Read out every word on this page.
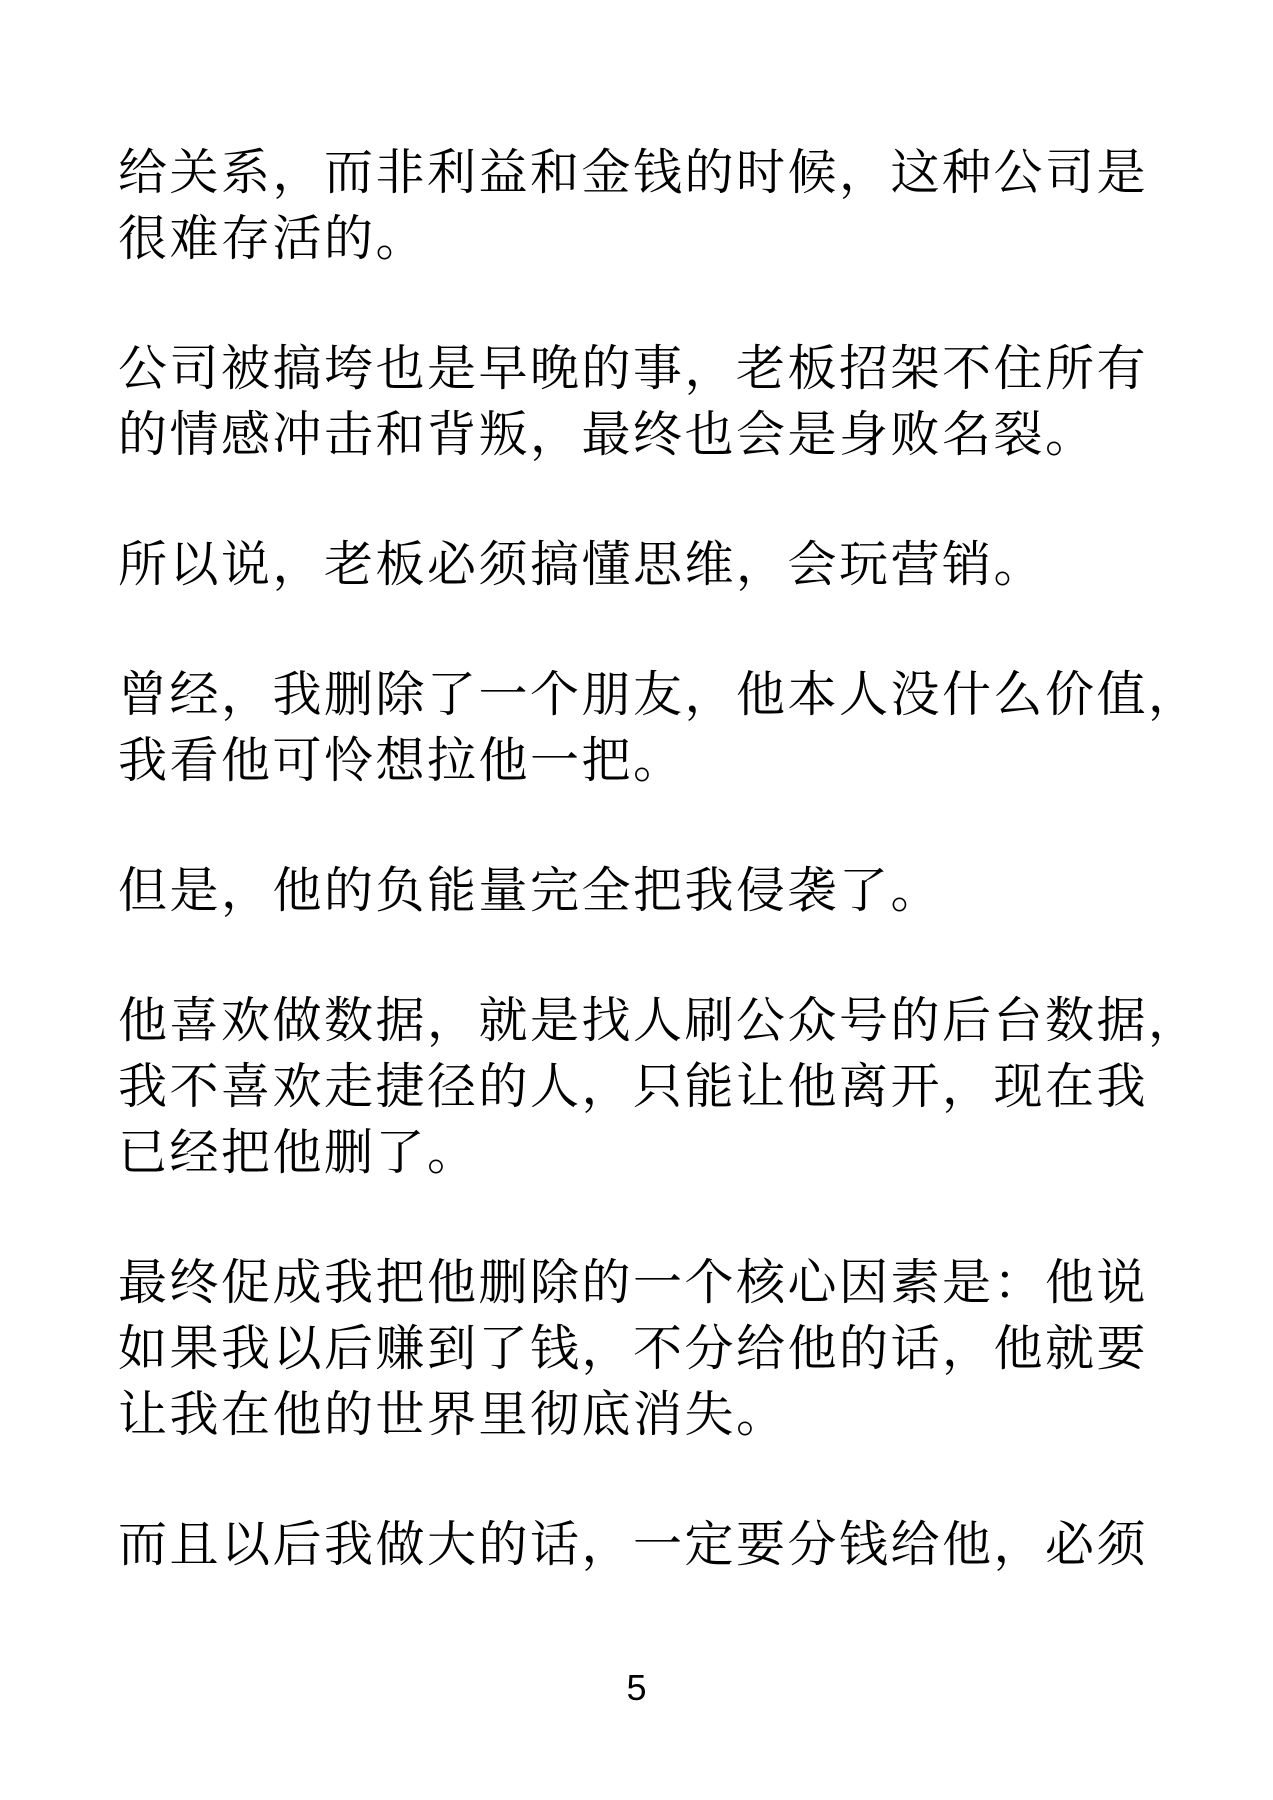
给关系，而非利益和金钱的时候，这种公司是
很难存活的。

公司被搞垮也是早晚的事，老板招架不住所有
的情感冲击和背叛，最终也会是身败名裂。

所以说，老板必须搞懂思维，会玩营销。

曾经，我删除了一个朋友，他本人没什么价值，
我看他可怜想拉他一把。

但是，他的负能量完全把我侵袭了。

他喜欢做数据，就是找人刷公众号的后台数据，
我不喜欢走捷径的人，只能让他离开，现在我
已经把他删了。

最终促成我把他删除的一个核心因素是：他说
如果我以后赚到了钱，不分给他的话，他就要
让我在他的世界里彻底消失。

而且以后我做大的话，一定要分钱给他，必须

5
